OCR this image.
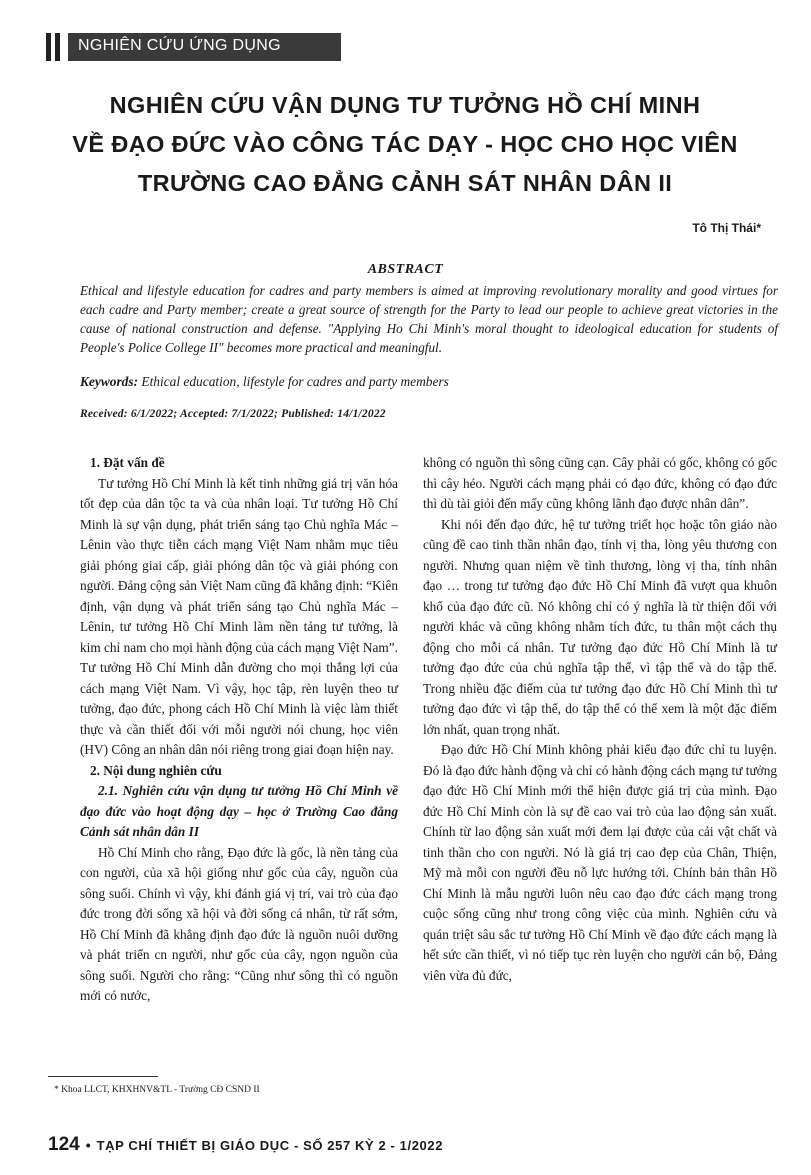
NGHIÊN CỨU ỨNG DỤNG
NGHIÊN CỨU VẬN DỤNG TƯ TƯỞNG HỒ CHÍ MINH
VỀ ĐẠO ĐỨC VÀO CÔNG TÁC DẠY - HỌC CHO HỌC VIÊN
TRƯỜNG CAO ĐẲNG CẢNH SÁT NHÂN DÂN II
Tô Thị Thái*
ABSTRACT

Ethical and lifestyle education for cadres and party members is aimed at improving revolutionary morality and good virtues for each cadre and Party member; create a great source of strength for the Party to lead our people to achieve great victories in the cause of national construction and defense. "Applying Ho Chi Minh's moral thought to ideological education for students of People's Police College II" becomes more practical and meaningful.

Keywords: Ethical education, lifestyle for cadres and party members
Received: 6/1/2022; Accepted: 7/1/2022; Published: 14/1/2022

1. Đặt vấn đề

Tư tưởng Hồ Chí Minh là kết tinh những giá trị văn hóa tốt đẹp của dân tộc ta và của nhân loại. Tư tưởng Hồ Chí Minh là sự vận dụng, phát triển sáng tạo Chủ nghĩa Mác – Lênin vào thực tiễn cách mạng Việt Nam nhằm mục tiêu giải phóng giai cấp, giải phóng dân tộc và giải phóng con người. Đảng cộng sản Việt Nam cũng đã khẳng định: “Kiên định, vận dụng và phát triển sáng tạo Chủ nghĩa Mác – Lênin, tư tưởng Hồ Chí Minh làm nền tảng tư tưởng, là kim chỉ nam cho mọi hành động của cách mạng Việt Nam”. Tư tưởng Hồ Chí Minh dẫn đường cho mọi thắng lợi của cách mạng Việt Nam. Vì vậy, học tập, rèn luyện theo tư tưởng, đạo đức, phong cách Hồ Chí Minh là việc làm thiết thực và cần thiết đối với mỗi người nói chung, học viên (HV) Công an nhân dân nói riêng trong giai đoạn hiện nay.

2. Nội dung nghiên cứu

2.1. Nghiên cứu vận dụng tư tưởng Hồ Chí Minh về đạo đức vào hoạt động dạy – học ở Trường Cao đẳng Cảnh sát nhân dân II

Hồ Chí Minh cho rằng, Đạo đức là gốc, là nền tảng của con người, của xã hội giống như gốc của cây, nguồn của sông suối. Chính vì vậy, khi đánh giá vị trí, vai trò của đạo đức trong đời sống xã hội và đời sống cá nhân, từ rất sớm, Hồ Chí Minh đã khẳng định đạo đức là nguồn nuôi dưỡng và phát triển cn người, như gốc của cây, ngọn nguồn của sông suối. Người cho rằng: “Cũng như sông thì có nguồn mới có nước,

không có nguồn thì sông cũng cạn. Cây phải có gốc, không có gốc thì cây héo. Người cách mạng phải có đạo đức, không có đạo đức thì dù tài giỏi đến mấy cũng không lãnh đạo được nhân dân”.

Khi nói đến đạo đức, hệ tư tưởng triết học hoặc tôn giáo nào cũng đề cao tinh thần nhân đạo, tính vị tha, lòng yêu thương con người. Nhưng quan niệm về tình thương, lòng vị tha, tính nhân đạo … trong tư tưởng đạo đức Hồ Chí Minh đã vượt qua khuôn khổ của đạo đức cũ. Nó không chỉ có ý nghĩa là từ thiện đối với người khác và cũng không nhằm tích đức, tu thân một cách thụ động cho mỗi cá nhân. Tư tưởng đạo đức Hồ Chí Minh là tư tưởng đạo đức của chủ nghĩa tập thể, vì tập thể và do tập thể. Trong nhiều đặc điểm của tư tưởng đạo đức Hồ Chí Minh thì tư tưởng đạo đức vì tập thể, do tập thể có thể xem là một đặc điểm lớn nhất, quan trọng nhất.

Đạo đức Hồ Chí Minh không phải kiểu đạo đức chỉ tu luyện. Đó là đạo đức hành động và chỉ có hành động cách mạng tư tưởng đạo đức Hồ Chí Minh mới thể hiện được giá trị của mình. Đạo đức Hồ Chí Minh còn là sự đề cao vai trò của lao động sản xuất. Chính từ lao động sản xuất mới đem lại được của cải vật chất và tinh thần cho con người. Nó là giá trị cao đẹp của Chân, Thiện, Mỹ mà mỗi con người đều nỗ lực hướng tới. Chính bản thân Hồ Chí Minh là mẫu người luôn nêu cao đạo đức cách mạng trong cuộc sống cũng như trong công việc của mình. Nghiên cứu và quán triệt sâu sắc tư tưởng Hồ Chí Minh về đạo đức cách mạng là hết sức cần thiết, vì nó tiếp tục rèn luyện cho người cán bộ, Đảng viên vừa đủ đức,

* Khoa LLCT, KHXHNV&TL - Trường CĐ CSND II
124 • TẠP CHÍ THIẾT BỊ GIÁO DỤC - SỐ 257 KỲ 2 - 1/2022
